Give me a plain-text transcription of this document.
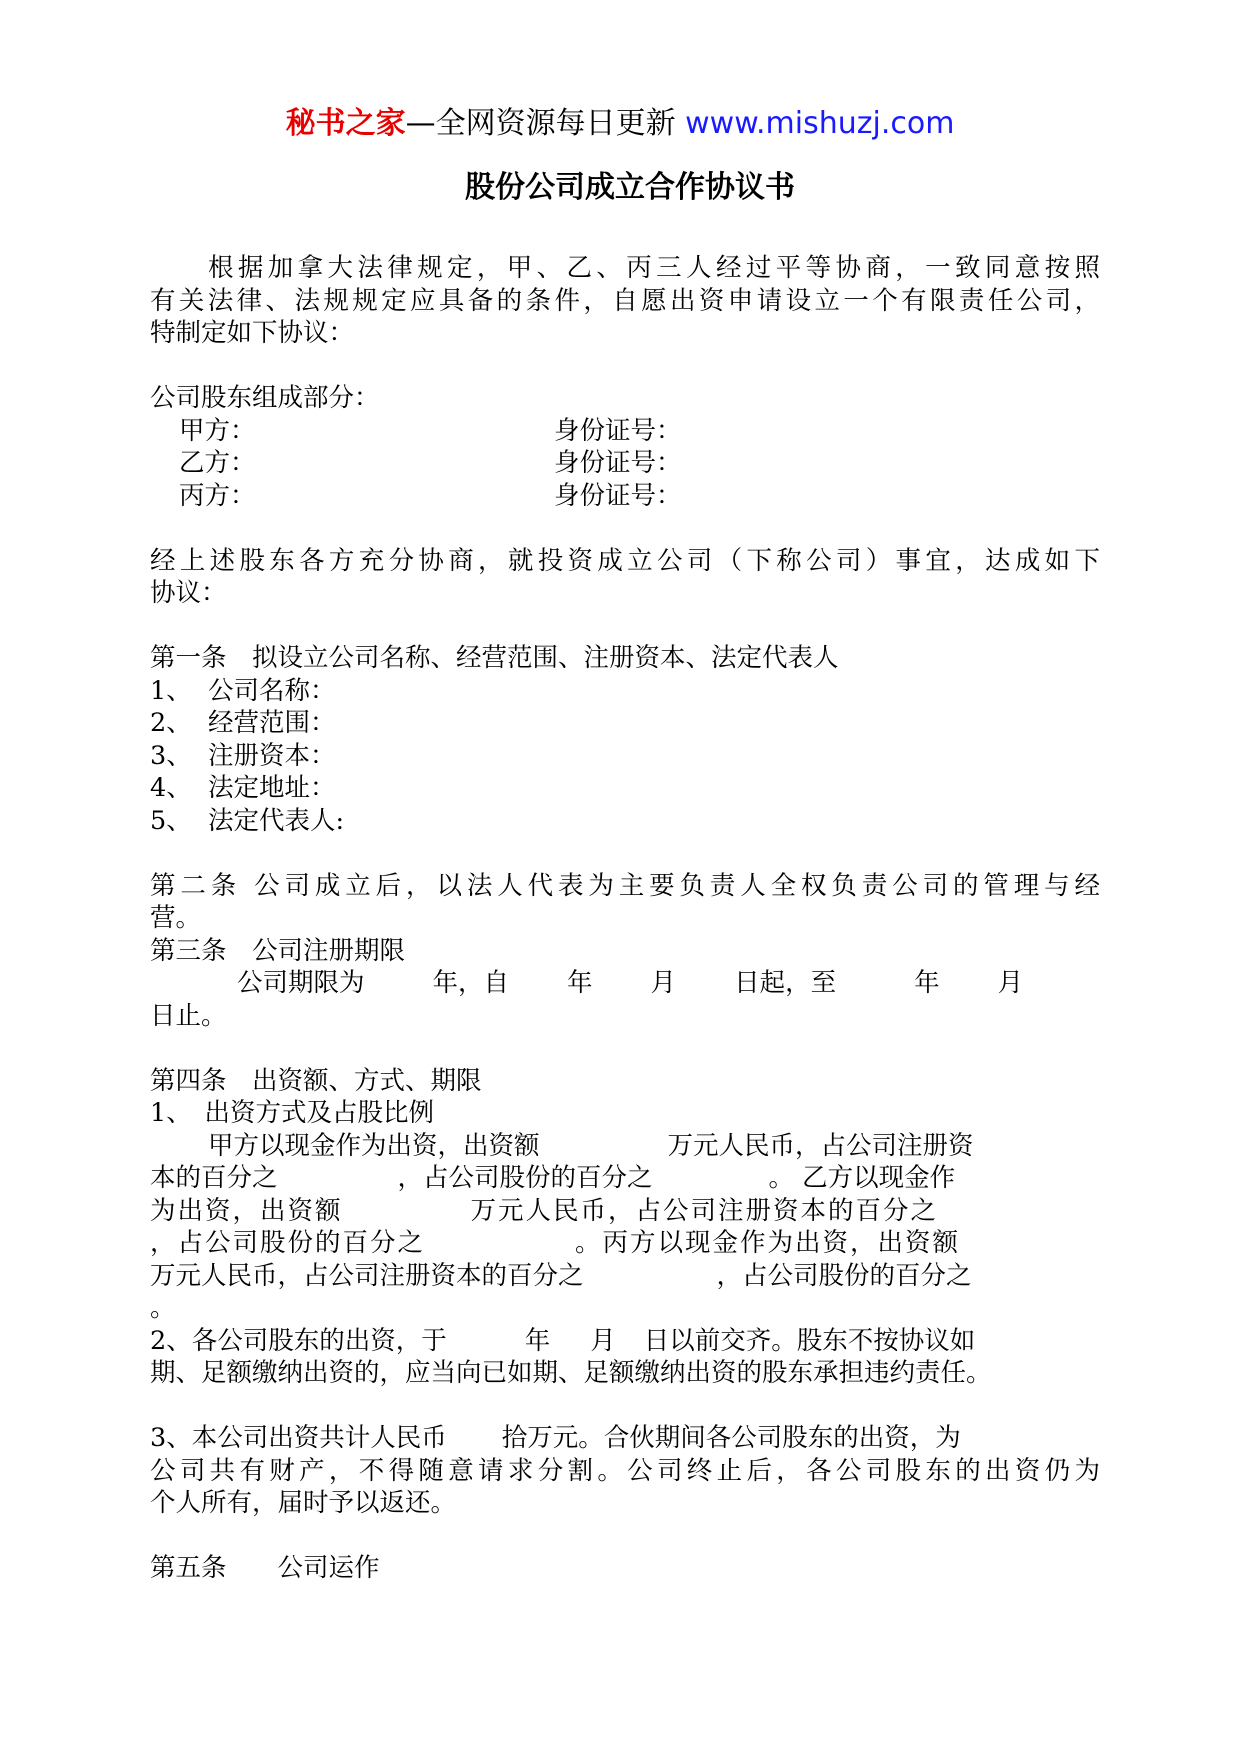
秘书之家—全网资源每日更新 www.mishuzj.com
股份公司成立合作协议书
根据加拿大法律规定，甲、乙、丙三人经过平等协商，一致同意按照
有关法律、法规规定应具备的条件，自愿出资申请设立一个有限责任公司，
特制定如下协议：
公司股东组成部分：
甲方：	身份证号：
乙方：	身份证号：
丙方：	身份证号：
经上述股东各方充分协商，就投资成立公司（下称公司）事宜，达成如下
协议：
第一条　拟设立公司名称、经营范围、注册资本、法定代表人
1、 公司名称：
2、 经营范围：
3、 注册资本：
4、 法定地址：
5、 法定代表人:
第二条 公司成立后，以法人代表为主要负责人全权负责公司的管理与经
营。
第三条　公司注册期限
公司期限为	年，自 年 月 日起，至	年 月
日止。
第四条　出资额、方式、期限
1、　出资方式及占股比例
甲方以现金作为出资，出资额	万元人民币，占公司注册资
本的百分之	，占公司股份的百分之	。 乙方以现金作
为出资，出资额	万元人民币，占公司注册资本的百分之
，占公司股份的百分之	。丙方以现金作为出资，出资额
万元人民币，占公司注册资本的百分之	，占公司股份的百分之
。
2、各公司股东的出资，于	年 月 日以前交齐。股东不按协议如
期、足额缴纳出资的，应当向已如期、足额缴纳出资的股东承担违约责任。
3、本公司出资共计人民币 拾万元。合伙期间各公司股东的出资，为
公司共有财产，不得随意请求分割。公司终止后，各公司股东的出资仍为
个人所有，届时予以返还。
第五条　　公司运作
